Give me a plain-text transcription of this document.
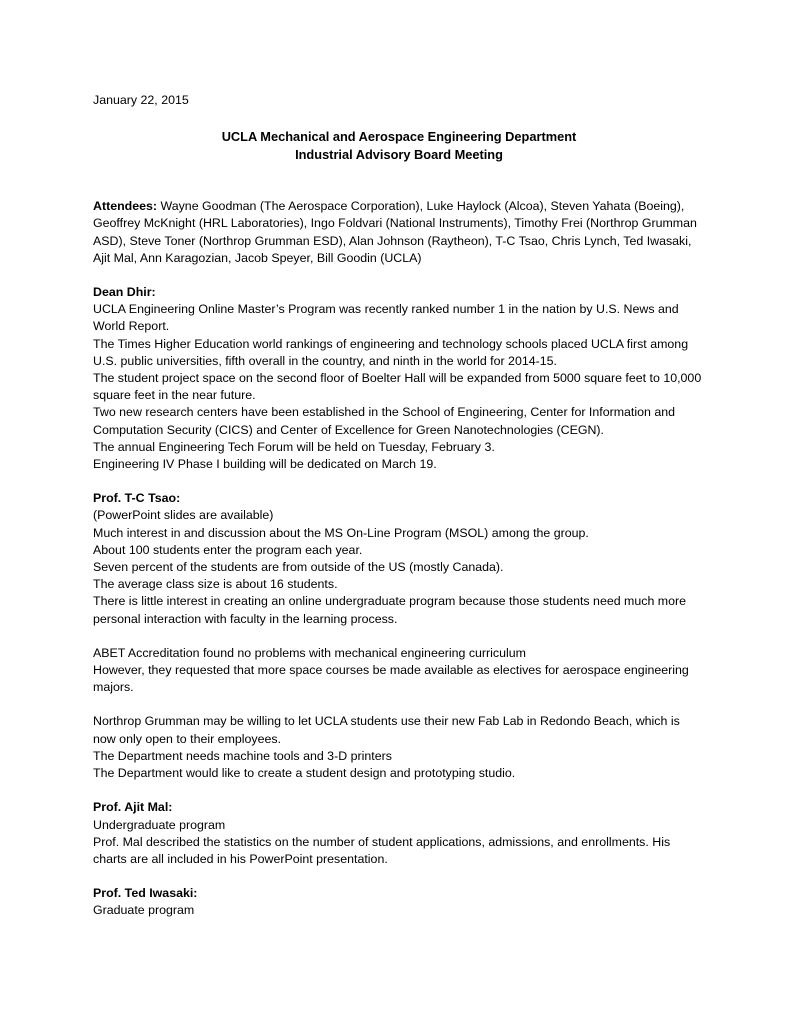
January 22, 2015

UCLA Mechanical and Aerospace Engineering Department
Industrial Advisory Board Meeting

Attendees: Wayne Goodman (The Aerospace Corporation), Luke Haylock (Alcoa), Steven Yahata (Boeing), Geoffrey McKnight (HRL Laboratories), Ingo Foldvari (National Instruments), Timothy Frei (Northrop Grumman ASD), Steve Toner (Northrop Grumman ESD), Alan Johnson (Raytheon), T-C Tsao, Chris Lynch, Ted Iwasaki, Ajit Mal, Ann Karagozian, Jacob Speyer, Bill Goodin (UCLA)

Dean Dhir:

UCLA Engineering Online Master’s Program was recently ranked number 1 in the nation by U.S. News and World Report.

The Times Higher Education world rankings of engineering and technology schools placed UCLA first among U.S. public universities, fifth overall in the country, and ninth in the world for 2014-15.

The student project space on the second floor of Boelter Hall will be expanded from 5000 square feet to 10,000 square feet in the near future.

Two new research centers have been established in the School of Engineering, Center for Information and Computation Security (CICS) and Center of Excellence for Green Nanotechnologies (CEGN).

The annual Engineering Tech Forum will be held on Tuesday, February 3.

Engineering IV Phase I building will be dedicated on March 19.

Prof. T-C Tsao:

(PowerPoint slides are available)

Much interest in and discussion about the MS On-Line Program (MSOL) among the group.

About 100 students enter the program each year.

Seven percent of the students are from outside of the US (mostly Canada).

The average class size is about 16 students.

There is little interest in creating an online undergraduate program because those students need much more personal interaction with faculty in the learning process.

ABET Accreditation found no problems with mechanical engineering curriculum

However, they requested that more space courses be made available as electives for aerospace engineering majors.

Northrop Grumman may be willing to let UCLA students use their new Fab Lab in Redondo Beach, which is now only open to their employees.

The Department needs machine tools and 3-D printers

The Department would like to create a student design and prototyping studio.

Prof. Ajit Mal:

Undergraduate program

Prof. Mal described the statistics on the number of student applications, admissions, and enrollments. His charts are all included in his PowerPoint presentation.

Prof. Ted Iwasaki:

Graduate program
